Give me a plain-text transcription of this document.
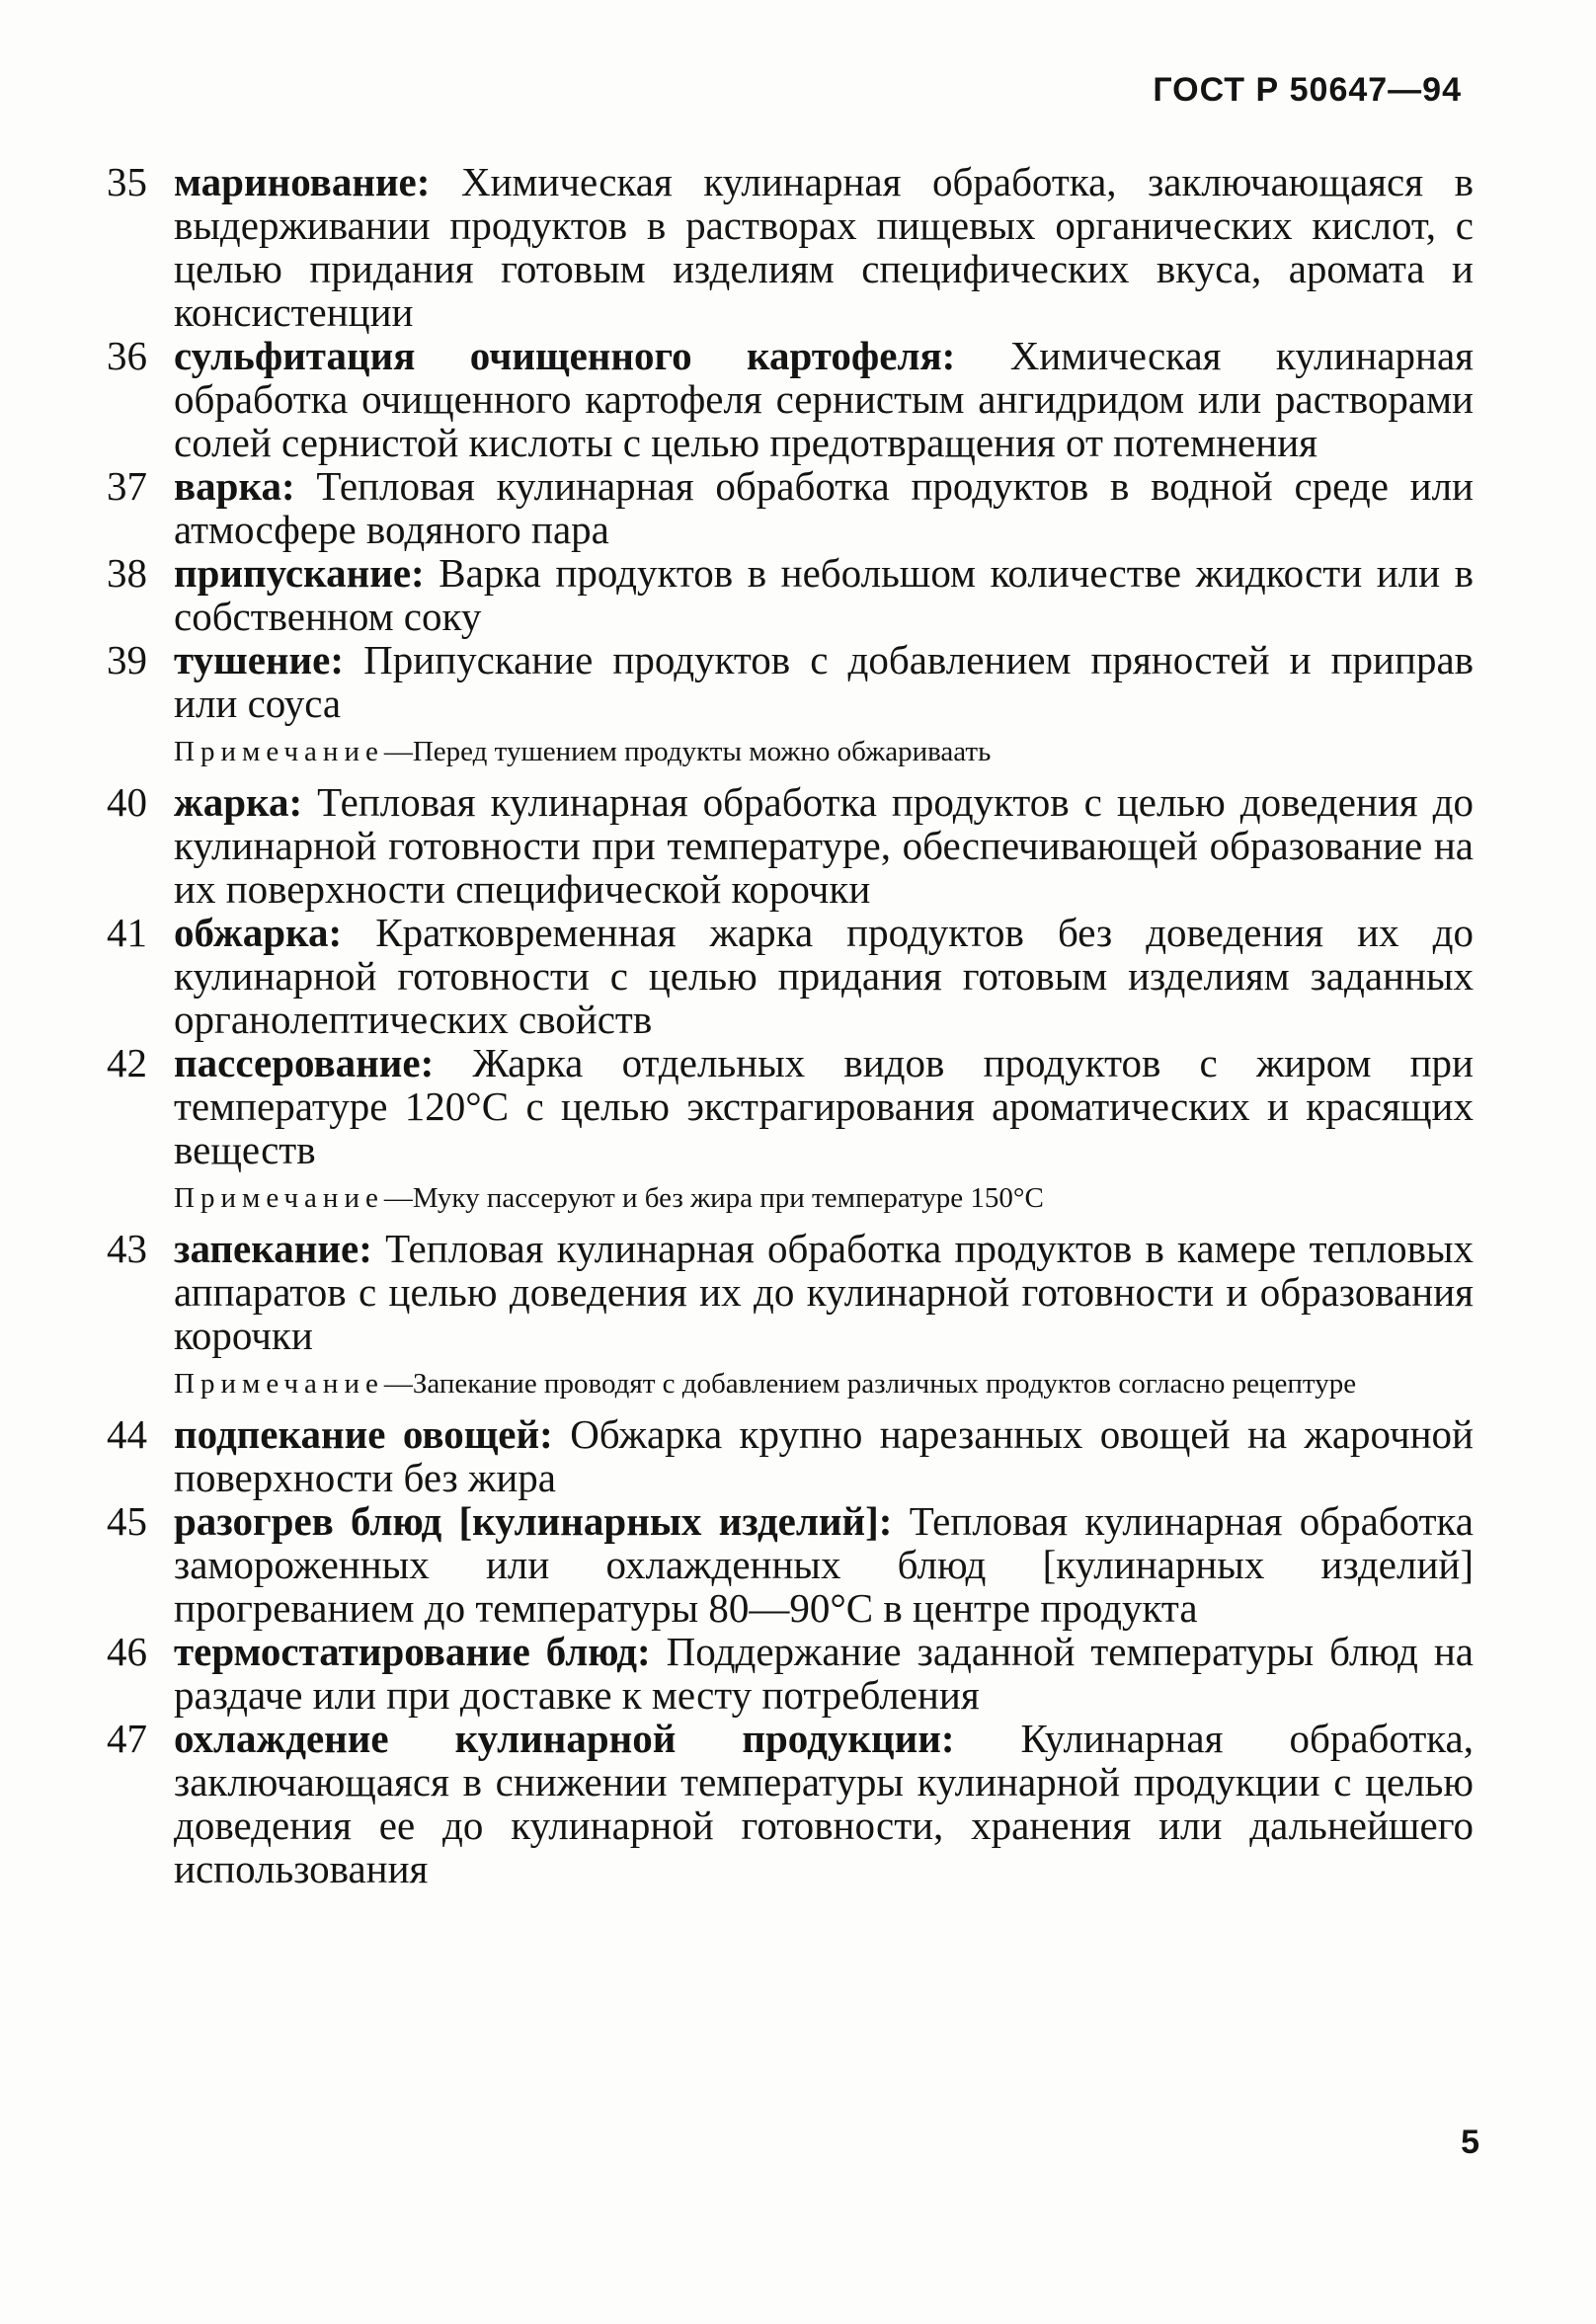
ГОСТ Р 50647—94
35 маринование: Химическая кулинарная обработка, заключающаяся в выдерживании продуктов в растворах пищевых органических кислот, с целью придания готовым изделиям специфических вкуса, аромата и консистенции
36 сульфитация очищенного картофеля: Химическая кулинарная обработка очищенного картофеля сернистым ангидридом или растворами солей сернистой кислоты с целью предотвращения от потемнения
37 варка: Тепловая кулинарная обработка продуктов в водной среде или атмосфере водяного пара
38 припускание: Варка продуктов в небольшом количестве жидкости или в собственном соку
39 тушение: Припускание продуктов с добавлением пряностей и приправ или соуса
Примечание—Перед тушением продукты можно обжариваать
40 жарка: Тепловая кулинарная обработка продуктов с целью доведения до кулинарной готовности при температуре, обеспечивающей образование на их поверхности специфической корочки
41 обжарка: Кратковременная жарка продуктов без доведения их до кулинарной готовности с целью придания готовым изделиям заданных органолептических свойств
42 пассерование: Жарка отдельных видов продуктов с жиром при температуре 120°C с целью экстрагирования ароматических и красящих веществ
Примечание—Муку пассеруют и без жира при температуре 150°C
43 запекание: Тепловая кулинарная обработка продуктов в камере тепловых аппаратов с целью доведения их до кулинарной готовности и образования корочки
Примечание—Запекание проводят с добавлением различных продуктов согласно рецептуре
44 подпекание овощей: Обжарка крупно нарезанных овощей на жарочной поверхности без жира
45 разогрев блюд [кулинарных изделий]: Тепловая кулинарная обработка замороженных или охлажденных блюд [кулинарных изделий] прогреванием до температуры 80—90°C в центре продукта
46 термостатирование блюд: Поддержание заданной температуры блюд на раздаче или при доставке к месту потребления
47 охлаждение кулинарной продукции: Кулинарная обработка, заключающаяся в снижении температуры кулинарной продукции с целью доведения ее до кулинарной готовности, хранения или дальнейшего использования
5
